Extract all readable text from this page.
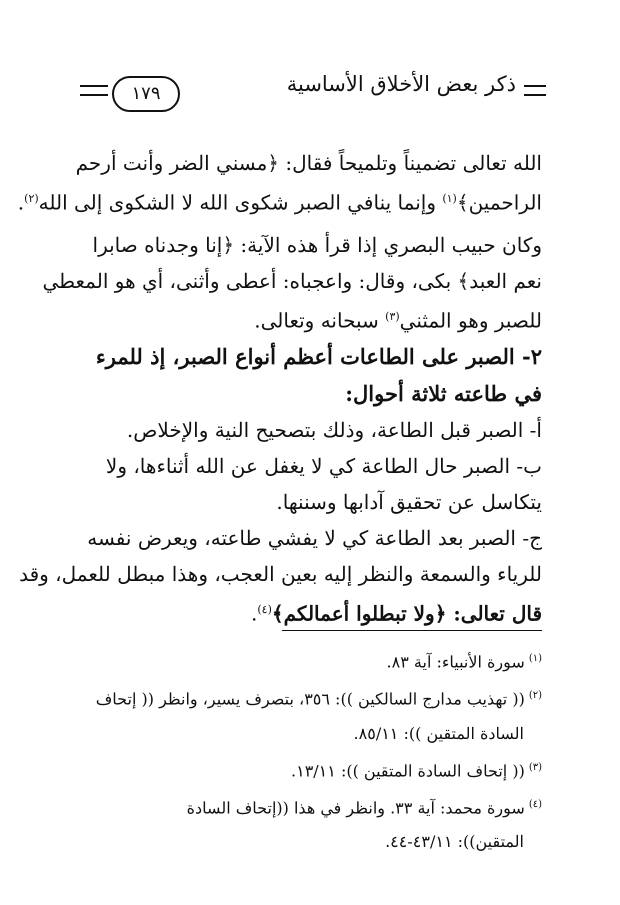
ذكر بعض الأخلاق الأساسية
١٧٩
الله تعالى تضميناً وتلميحاً فقال: ﴿مسني الضر وأنت أرحم
الراحمين﴾$^{(١)}$ وإنما ينافي الصبر شكوى الله لا الشكوى إلى الله$^{(٢)}$.
وكان حبيب البصري إذا قرأ هذه الآية: ﴿إنا وجدناه صابرا
نعم العبد﴾ بكى، وقال: واعجباه: أعطى وأثنى، أي هو المعطي
للصبر وهو المثني$^{(٣)}$ سبحانه وتعالى.
٢- الصبر على الطاعات أعظم أنواع الصبر، إذ للمرء
في طاعته ثلاثة أحوال:
أ- الصبر قبل الطاعة، وذلك بتصحيح النية والإخلاص.
ب- الصبر حال الطاعة كي لا يغفل عن الله أثناءها، ولا
يتكاسل عن تحقيق آدابها وسننها.
ج- الصبر بعد الطاعة كي لا يفشي طاعته، ويعرض نفسه
للرياء والسمعة والنظر إليه بعين العجب، وهذا مبطل للعمل، وقد
قال تعالى: ﴿ولا تبطلوا أعمالكم﴾$^{(٤)}$.
$^{(١)}$سورة الأنبياء: آية ٨٣.
$^{(٢)}$(( تهذيب مدارج السالكين )): ٣٥٦، بتصرف يسير، وانظر (( إتحاف
السادة المتقين )): ٨٥/١١.
$^{(٣)}$(( إتحاف السادة المتقين )): ١٣/١١.
$^{(٤)}$سورة محمد: آية ٣٣. وانظر في هذا ((إتحاف السادة
المتقين)): ٤٣/١١-٤٤.
